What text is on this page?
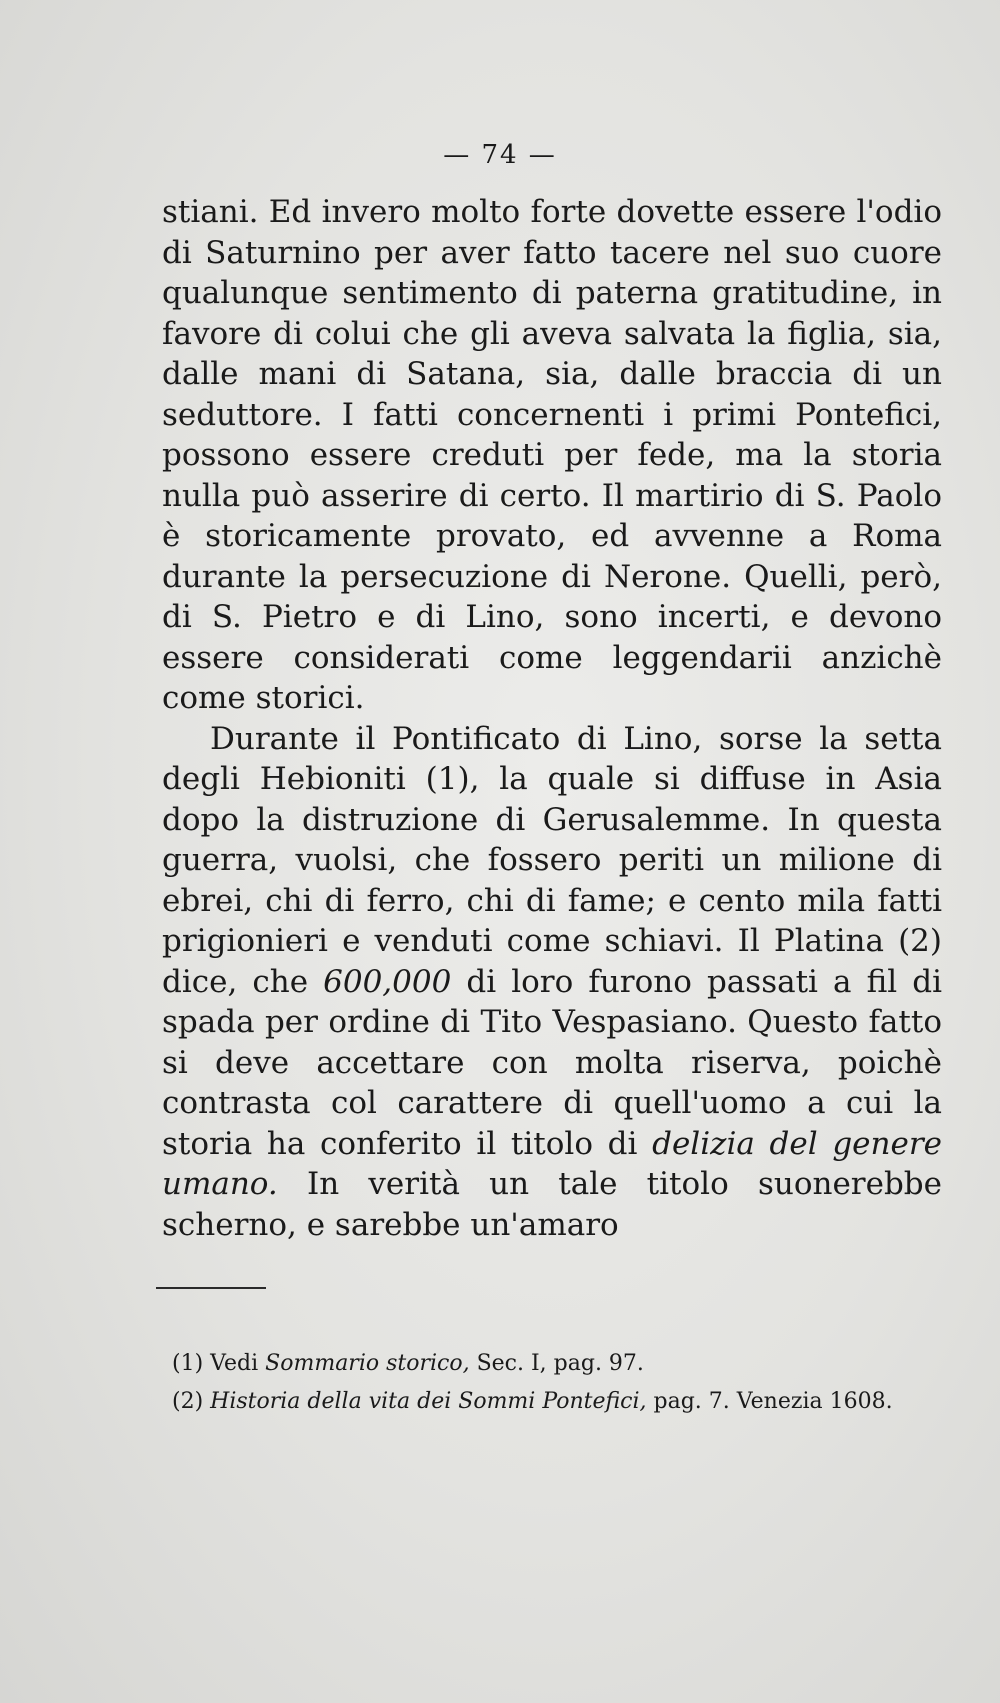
— 74 —

stiani. Ed invero molto forte dovette essere l'odio di Saturnino per aver fatto tacere nel suo cuore qualunque sentimento di paterna gratitudine, in favore di colui che gli aveva salvata la figlia, sia, dalle mani di Satana, sia, dalle braccia di un seduttore. I fatti concernenti i primi Pontefici, possono essere creduti per fede, ma la storia nulla può asserire di certo. Il martirio di S. Paolo è storicamente provato, ed avvenne a Roma durante la persecuzione di Nerone. Quelli, però, di S. Pietro e di Lino, sono incerti, e devono essere considerati come leggendarii anzichè come storici.

Durante il Pontificato di Lino, sorse la setta degli Hebioniti (1), la quale si diffuse in Asia dopo la distruzione di Gerusalemme. In questa guerra, vuolsi, che fossero periti un milione di ebrei, chi di ferro, chi di fame; e cento mila fatti prigionieri e venduti come schiavi. Il Platina (2) dice, che 600,000 di loro furono passati a fil di spada per ordine di Tito Vespasiano. Questo fatto si deve accettare con molta riserva, poichè contrasta col carattere di quell'uomo a cui la storia ha conferito il titolo di delizia del genere umano. In verità un tale titolo suonerebbe scherno, e sarebbe un'amaro

(1) Vedi Sommario storico, Sec. I, pag. 97.
(2) Historia della vita dei Sommi Pontefici, pag. 7. Venezia 1608.
